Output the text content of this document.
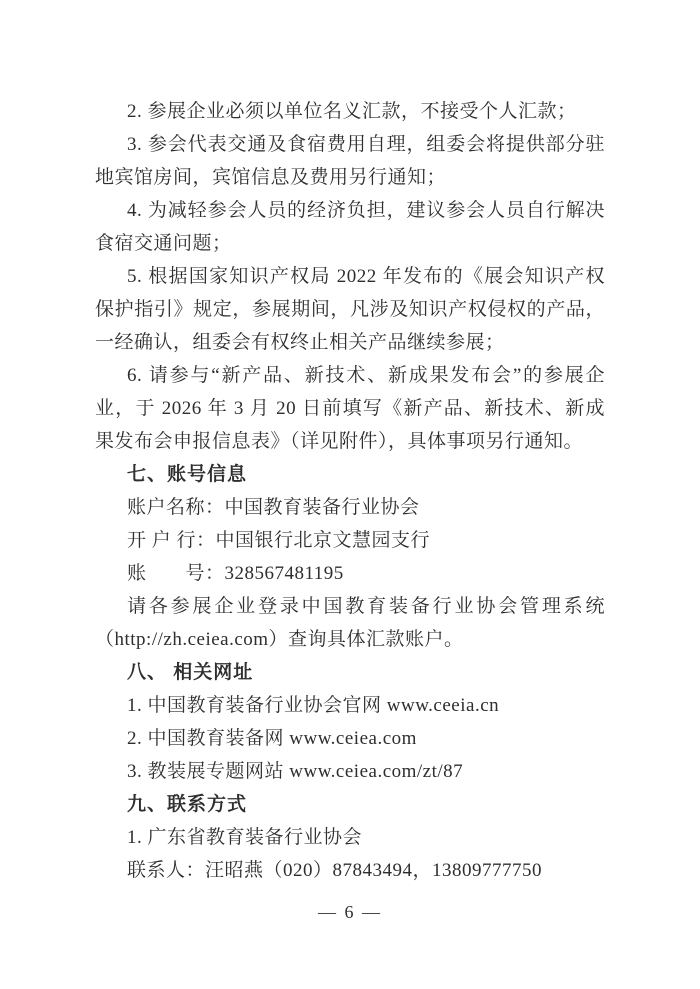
2. 参展企业必须以单位名义汇款，不接受个人汇款；

3. 参会代表交通及食宿费用自理，组委会将提供部分驻地宾馆房间，宾馆信息及费用另行通知；

4. 为减轻参会人员的经济负担，建议参会人员自行解决食宿交通问题；

5. 根据国家知识产权局 2022 年发布的《展会知识产权保护指引》规定，参展期间，凡涉及知识产权侵权的产品，一经确认，组委会有权终止相关产品继续参展；

6. 请参与“新产品、新技术、新成果发布会”的参展企业，于 2026 年 3 月 20 日前填写《新产品、新技术、新成果发布会申报信息表》（详见附件），具体事项另行通知。

七、账号信息

账户名称：中国教育装备行业协会

开 户 行：中国银行北京文慧园支行

账　　号：328567481195

请各参展企业登录中国教育装备行业协会管理系统（http://zh.ceiea.com）查询具体汇款账户。

八、 相关网址

1. 中国教育装备行业协会官网 www.ceeia.cn

2. 中国教育装备网 www.ceiea.com

3. 教装展专题网站 www.ceiea.com/zt/87

九、联系方式

1. 广东省教育装备行业协会

联系人：汪昭燕（020）87843494，13809777750

— 6 —
